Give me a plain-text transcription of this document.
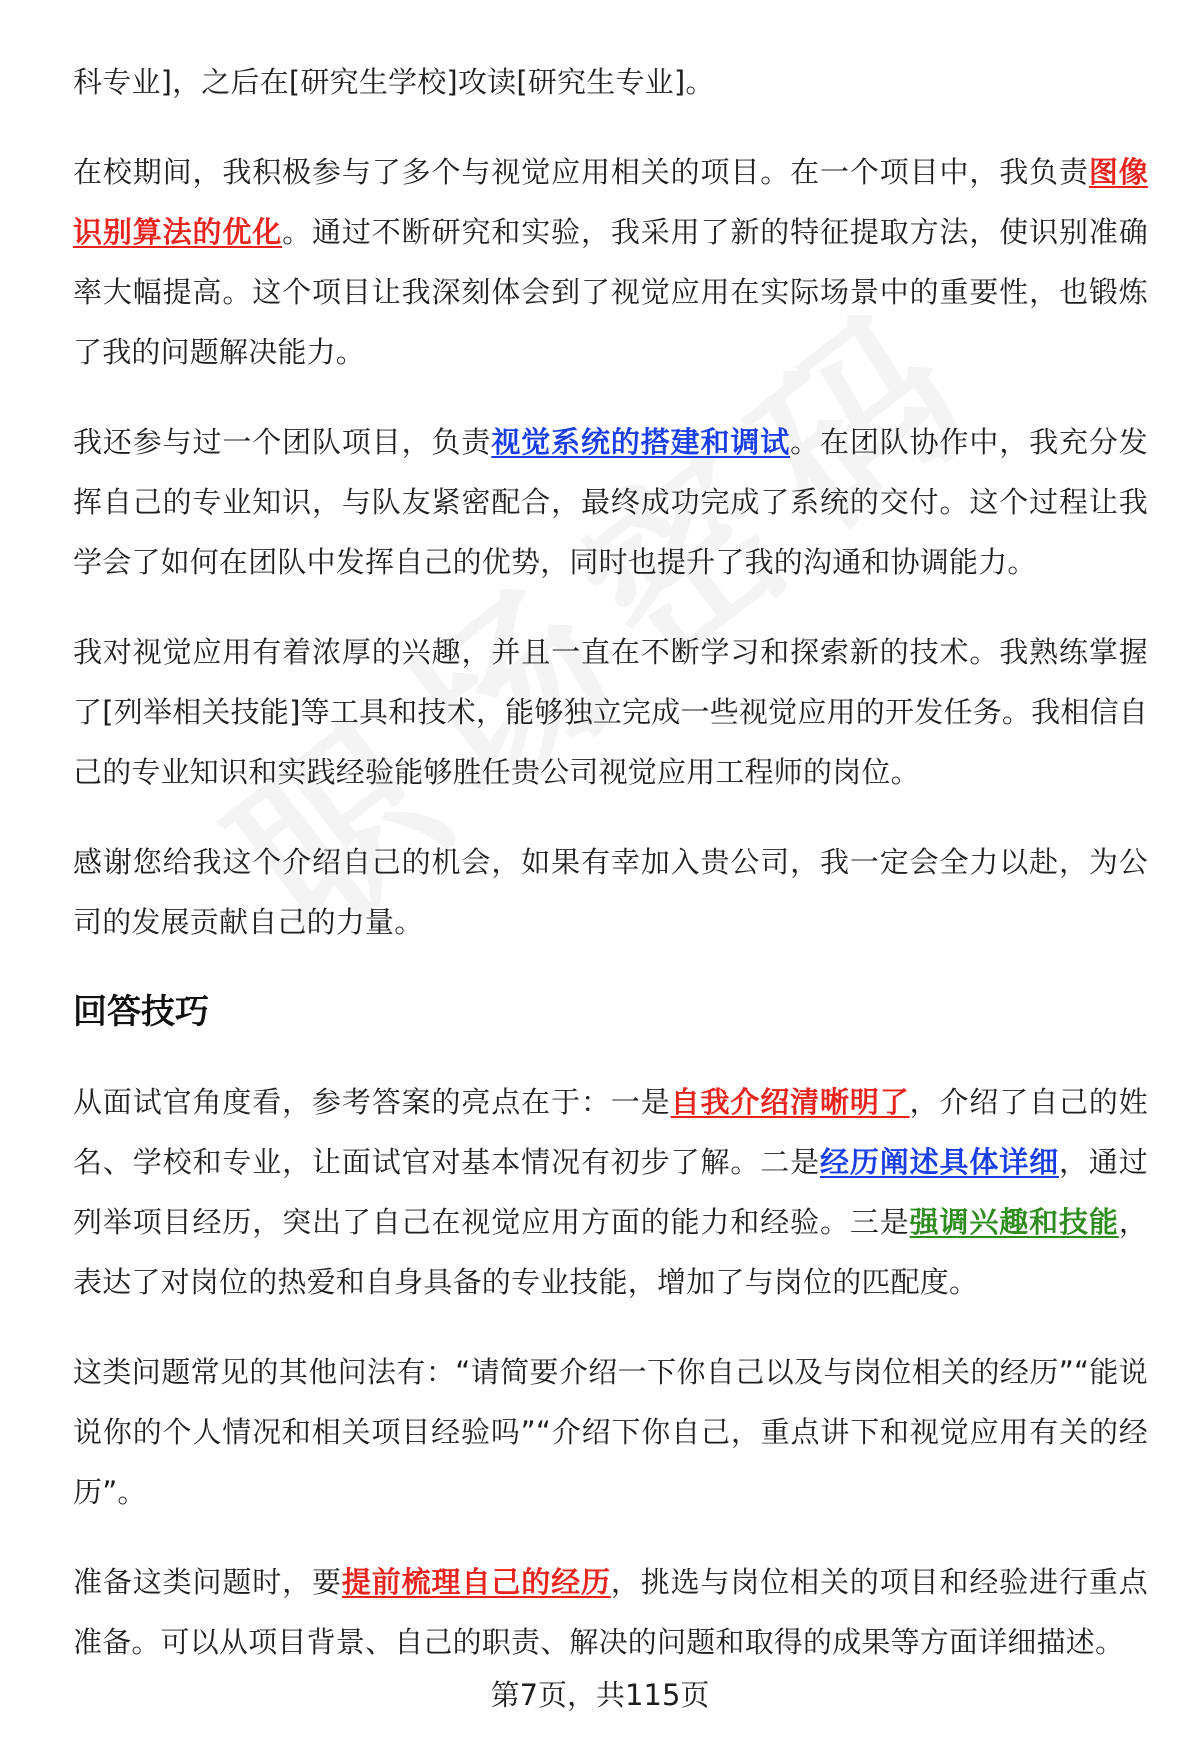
科专业]，之后在[研究生学校]攻读[研究生专业]。

在校期间，我积极参与了多个与视觉应用相关的项目。在一个项目中，我负责图像识别算法的优化。通过不断研究和实验，我采用了新的特征提取方法，使识别准确率大幅提高。这个项目让我深刻体会到了视觉应用在实际场景中的重要性，也锻炼了我的问题解决能力。

我还参与过一个团队项目，负责视觉系统的搭建和调试。在团队协作中，我充分发挥自己的专业知识，与队友紧密配合，最终成功完成了系统的交付。这个过程让我学会了如何在团队中发挥自己的优势，同时也提升了我的沟通和协调能力。

我对视觉应用有着浓厚的兴趣，并且一直在不断学习和探索新的技术。我熟练掌握了[列举相关技能]等工具和技术，能够独立完成一些视觉应用的开发任务。我相信自己的专业知识和实践经验能够胜任贵公司视觉应用工程师的岗位。

感谢您给我这个介绍自己的机会，如果有幸加入贵公司，我一定会全力以赴，为公司的发展贡献自己的力量。

回答技巧

从面试官角度看，参考答案的亮点在于：一是自我介绍清晰明了，介绍了自己的姓名、学校和专业，让面试官对基本情况有初步了解。二是经历阐述具体详细，通过列举项目经历，突出了自己在视觉应用方面的能力和经验。三是强调兴趣和技能，表达了对岗位的热爱和自身具备的专业技能，增加了与岗位的匹配度。

这类问题常见的其他问法有：“请简要介绍一下你自己以及与岗位相关的经历”“能说说你的个人情况和相关项目经验吗”“介绍下你自己，重点讲下和视觉应用有关的经历”。

准备这类问题时，要提前梳理自己的经历，挑选与岗位相关的项目和经验进行重点准备。可以从项目背景、自己的职责、解决的问题和取得的成果等方面详细描述。

第7页，共115页
